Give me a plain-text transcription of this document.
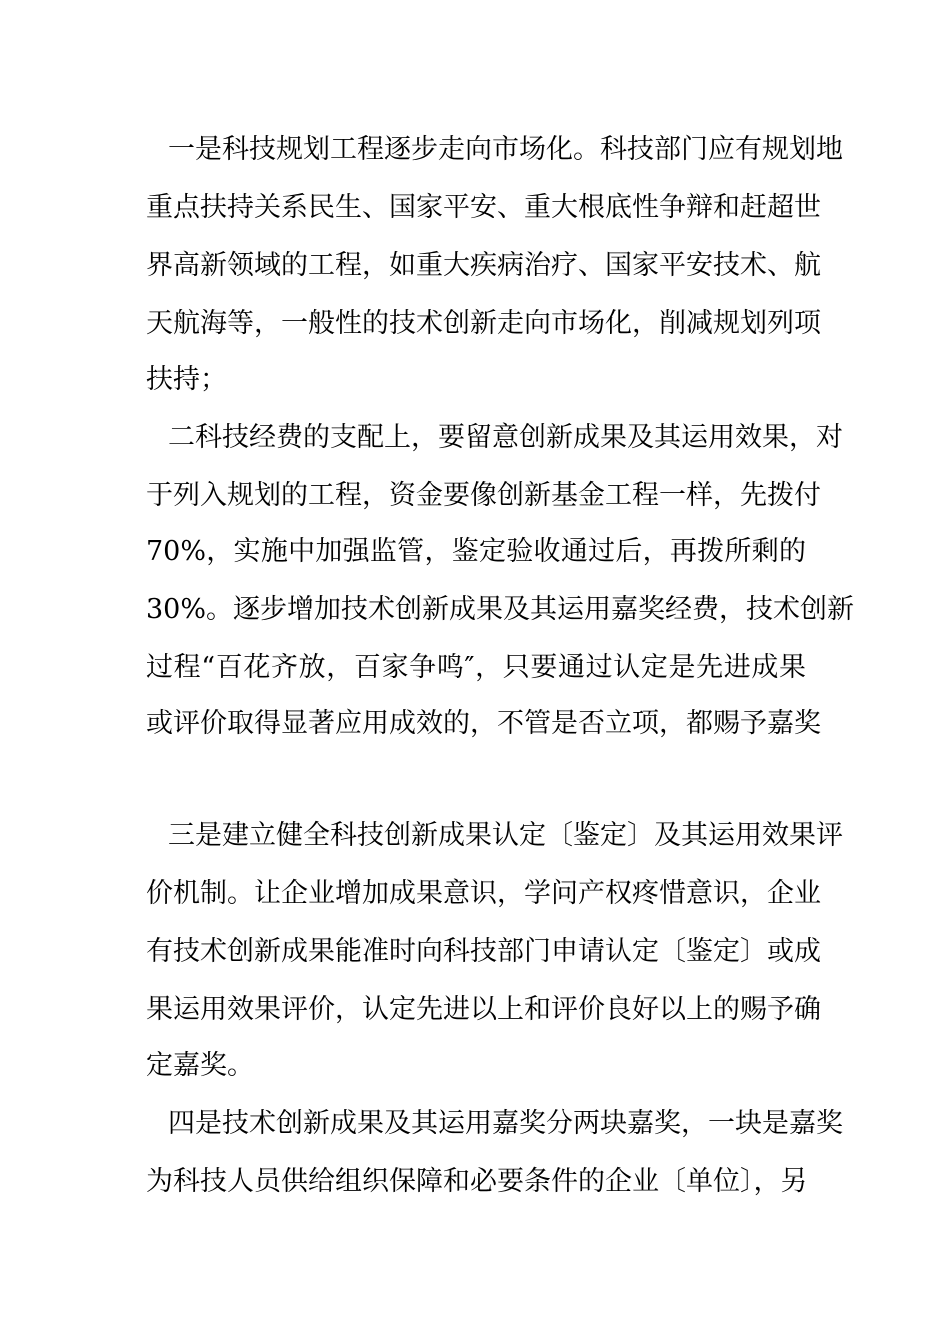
一是科技规划工程逐步走向市场化。科技部门应有规划地
重点扶持关系民生、国家平安、重大根底性争辩和赶超世
界高新领域的工程，如重大疾病治疗、国家平安技术、航
天航海等，一般性的技术创新走向市场化，削减规划列项
扶持；
二科技经费的支配上，要留意创新成果及其运用效果，对
于列入规划的工程，资金要像创新基金工程一样，先拨付
70%，实施中加强监管，鉴定验收通过后，再拨所剩的
30%。逐步增加技术创新成果及其运用嘉奖经费，技术创新
过程“百花齐放，百家争鸣″，只要通过认定是先进成果
或评价取得显著应用成效的，不管是否立项，都赐予嘉奖
三是建立健全科技创新成果认定〔鉴定〕及其运用效果评
价机制。让企业增加成果意识，学问产权疼惜意识，企业
有技术创新成果能准时向科技部门申请认定〔鉴定〕或成
果运用效果评价，认定先进以上和评价良好以上的赐予确
定嘉奖。
四是技术创新成果及其运用嘉奖分两块嘉奖，一块是嘉奖
为科技人员供给组织保障和必要条件的企业〔单位〕，另
